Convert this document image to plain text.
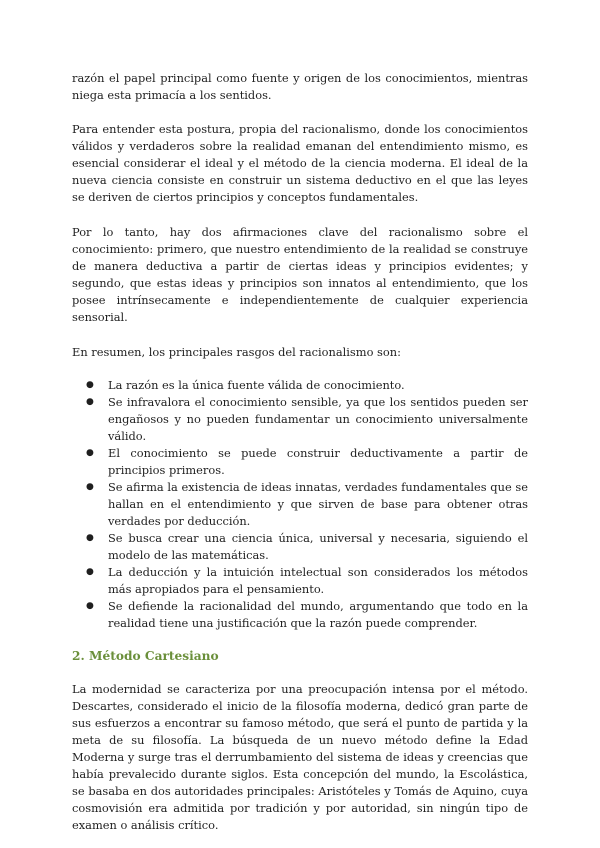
razón el papel principal como fuente y origen de los conocimientos, mientras niega esta primacía a los sentidos.

Para entender esta postura, propia del racionalismo, donde los conocimientos válidos y verdaderos sobre la realidad emanan del entendimiento mismo, es esencial considerar el ideal y el método de la ciencia moderna. El ideal de la nueva ciencia consiste en construir un sistema deductivo en el que las leyes se deriven de ciertos principios y conceptos fundamentales.

Por lo tanto, hay dos afirmaciones clave del racionalismo sobre el conocimiento: primero, que nuestro entendimiento de la realidad se construye de manera deductiva a partir de ciertas ideas y principios evidentes; y segundo, que estas ideas y principios son innatos al entendimiento, que los posee intrínsecamente e independientemente de cualquier experiencia sensorial.

En resumen, los principales rasgos del racionalismo son:

● La razón es la única fuente válida de conocimiento.
● Se infravalora el conocimiento sensible, ya que los sentidos pueden ser engañosos y no pueden fundamentar un conocimiento universalmente válido.
● El conocimiento se puede construir deductivamente a partir de principios primeros.
● Se afirma la existencia de ideas innatas, verdades fundamentales que se hallan en el entendimiento y que sirven de base para obtener otras verdades por deducción.
● Se busca crear una ciencia única, universal y necesaria, siguiendo el modelo de las matemáticas.
● La deducción y la intuición intelectual son considerados los métodos más apropiados para el pensamiento.
● Se defiende la racionalidad del mundo, argumentando que todo en la realidad tiene una justificación que la razón puede comprender.
2. Método Cartesiano

La modernidad se caracteriza por una preocupación intensa por el método. Descartes, considerado el inicio de la filosofía moderna, dedicó gran parte de sus esfuerzos a encontrar su famoso método, que será el punto de partida y la meta de su filosofía. La búsqueda de un nuevo método define la Edad Moderna y surge tras el derrumbamiento del sistema de ideas y creencias que había prevalecido durante siglos. Esta concepción del mundo, la Escolástica, se basaba en dos autoridades principales: Aristóteles y Tomás de Aquino, cuya cosmovisión era admitida por tradición y por autoridad, sin ningún tipo de examen o análisis crítico.
